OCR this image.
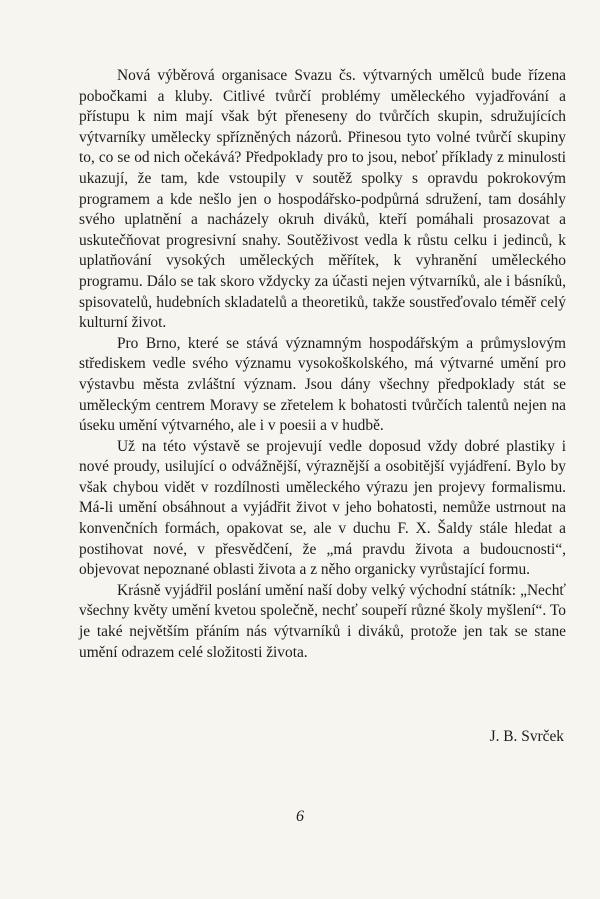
Nová výběrová organisace Svazu čs. výtvarných umělců bude řízena pobočkami a kluby. Citlivé tvůrčí problémy uměleckého vyjadřování a přístupu k nim mají však být přeneseny do tvůrčích skupin, sdružujících výtvarníky umělecky spřízněných názorů. Přinesou tyto volné tvůrčí skupiny to, co se od nich očekává? Předpoklady pro to jsou, neboť příklady z minulosti ukazují, že tam, kde vstoupily v soutěž spolky s opravdu pokrokovým programem a kde nešlo jen o hospodářsko-podpůrná sdružení, tam dosáhly svého uplatnění a nacházely okruh diváků, kteří pomáhali prosazovat a uskutečňovat progresivní snahy. Soutěživost vedla k růstu celku i jedinců, k uplatňování vysokých uměleckých měřítek, k vyhranění uměleckého programu. Dálo se tak skoro vždycky za účasti nejen výtvarníků, ale i básníků, spisovatelů, hudebních skladatelů a theoretiků, takže soustřeďovalo téměř celý kulturní život.

Pro Brno, které se stává významným hospodářským a průmyslovým střediskem vedle svého významu vysokoškolského, má výtvarné umění pro výstavbu města zvláštní význam. Jsou dány všechny předpoklady stát se uměleckým centrem Moravy se zřetelem k bohatosti tvůrčích talentů nejen na úseku umění výtvarného, ale i v poesii a v hudbě.

Už na této výstavě se projevují vedle doposud vždy dobré plastiky i nové proudy, usilující o odvážnější, výraznější a osobitější vyjádření. Bylo by však chybou vidět v rozdílnosti uměleckého výrazu jen projevy formalismu. Má-li umění obsáhnout a vyjádřit život v jeho bohatosti, nemůže ustrnout na konvenčních formách, opakovat se, ale v duchu F. X. Šaldy stále hledat a postihovat nové, v přesvědčení, že „má pravdu života a budoucnosti“, objevovat nepoznané oblasti života a z něho organicky vyrůstající formu.

Krásně vyjádřil poslání umění naší doby velký východní státník: „Nechť všechny květy umění kvetou společně, nechť soupeří různé školy myšlení“. To je také největším přáním nás výtvarníků i diváků, protože jen tak se stane umění odrazem celé složitosti života.

J. B. Svrček
6
